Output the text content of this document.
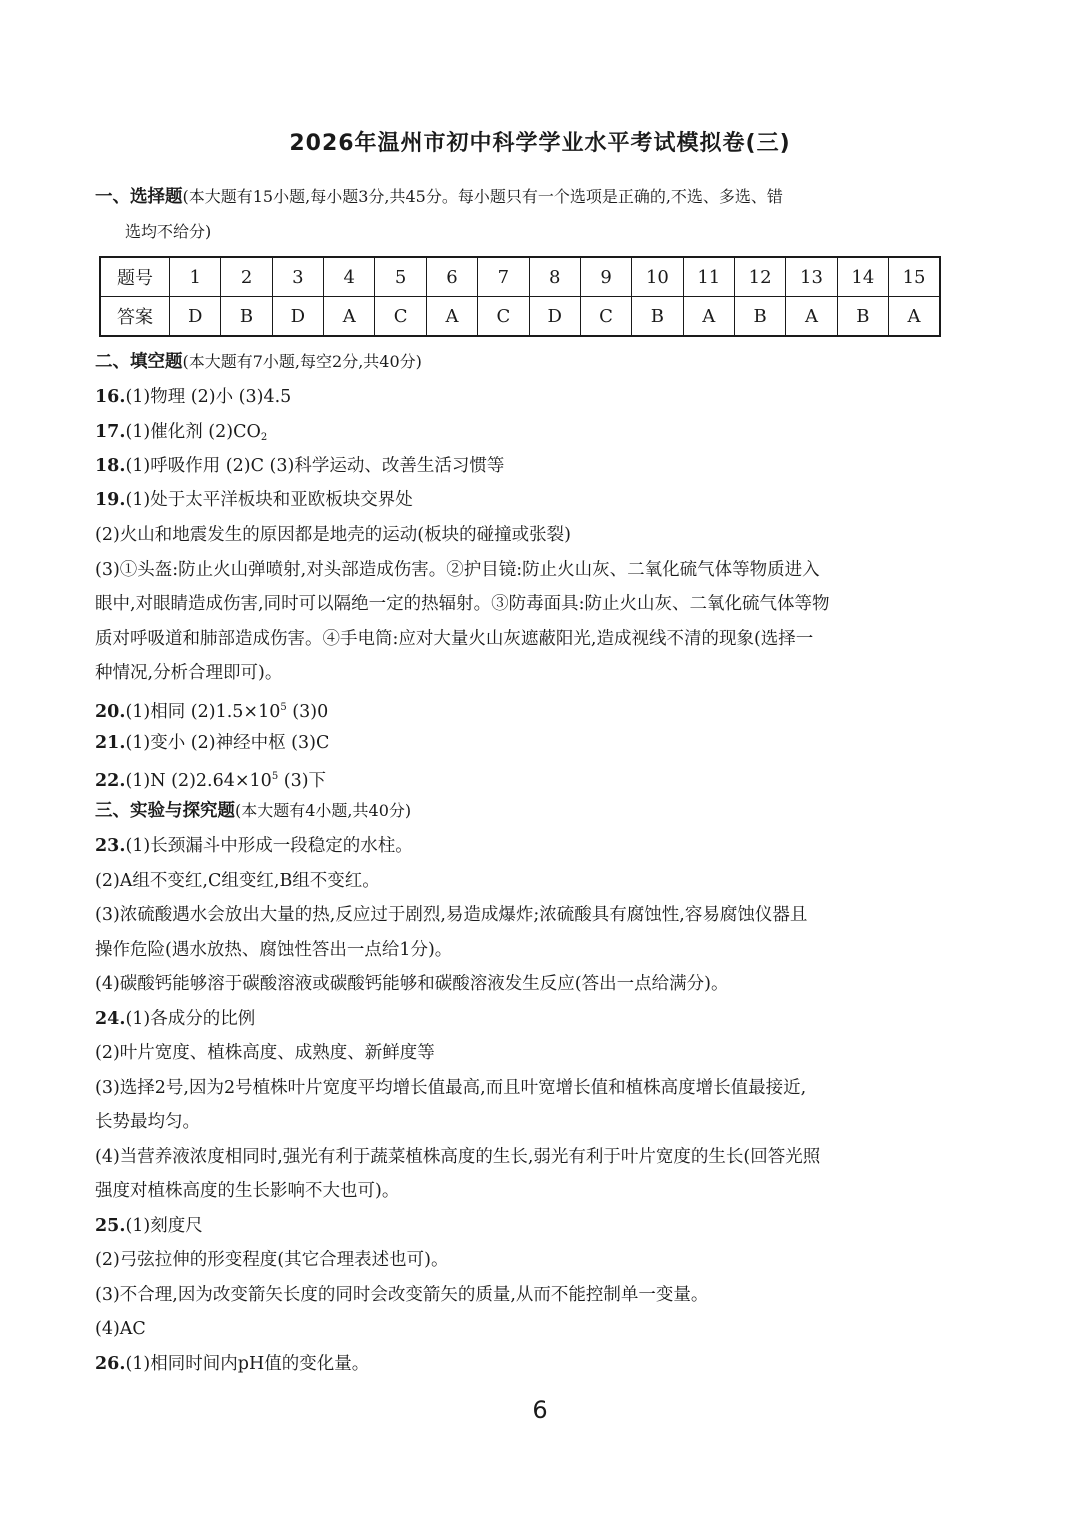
2026年温州市初中科学学业水平考试模拟卷(三)
一、选择题(本大题有15小题,每小题3分,共45分。每小题只有一个选项是正确的,不选、多选、错
选均不给分)
题号	1	2	3	4	5	6	7	8	9	10	11	12	13	14	15
答案	D	B	D	A	C	A	C	D	C	B	A	B	A	B	A
二、填空题(本大题有7小题,每空2分,共40分)
16.(1)物理 (2)小 (3)4.5
17.(1)催化剂 $(2)CO_2$
18.(1)呼吸作用 (2)C (3)科学运动、改善生活习惯等
19.(1)处于太平洋板块和亚欧板块交界处
(2)火山和地震发生的原因都是地壳的运动(板块的碰撞或张裂)
(3)①头盔:防止火山弹喷射,对头部造成伤害。②护目镜:防止火山灰、二氧化硫气体等物质进入
眼中,对眼睛造成伤害,同时可以隔绝一定的热辐射。③防毒面具:防止火山灰、二氧化硫气体等物
质对呼吸道和肺部造成伤害。④手电筒:应对大量火山灰遮蔽阳光,造成视线不清的现象(选择一
种情况,分析合理即可)。
20.(1)相同 $(2)1.5\times 10^5$ (3)0
21.(1)变小 (2)神经中枢 (3)C
22.(1)N $(2)2.64\times 10^5$ (3)下
三、实验与探究题(本大题有4小题,共40分)
23.(1)长颈漏斗中形成一段稳定的水柱。
(2)A组不变红,C组变红,B组不变红。
(3)浓硫酸遇水会放出大量的热,反应过于剧烈,易造成爆炸;浓硫酸具有腐蚀性,容易腐蚀仪器且
操作危险(遇水放热、腐蚀性答出一点给1分)。
(4)碳酸钙能够溶于碳酸溶液或碳酸钙能够和碳酸溶液发生反应(答出一点给满分)。
24.(1)各成分的比例
(2)叶片宽度、植株高度、成熟度、新鲜度等
(3)选择2号,因为2号植株叶片宽度平均增长值最高,而且叶宽增长值和植株高度增长值最接近,
长势最均匀。
(4)当营养液浓度相同时,强光有利于蔬菜植株高度的生长,弱光有利于叶片宽度的生长(回答光照
强度对植株高度的生长影响不大也可)。
25.(1)刻度尺
(2)弓弦拉伸的形变程度(其它合理表述也可)。
(3)不合理,因为改变箭矢长度的同时会改变箭矢的质量,从而不能控制单一变量。
(4)AC
26.(1)相同时间内pH值的变化量。
6
